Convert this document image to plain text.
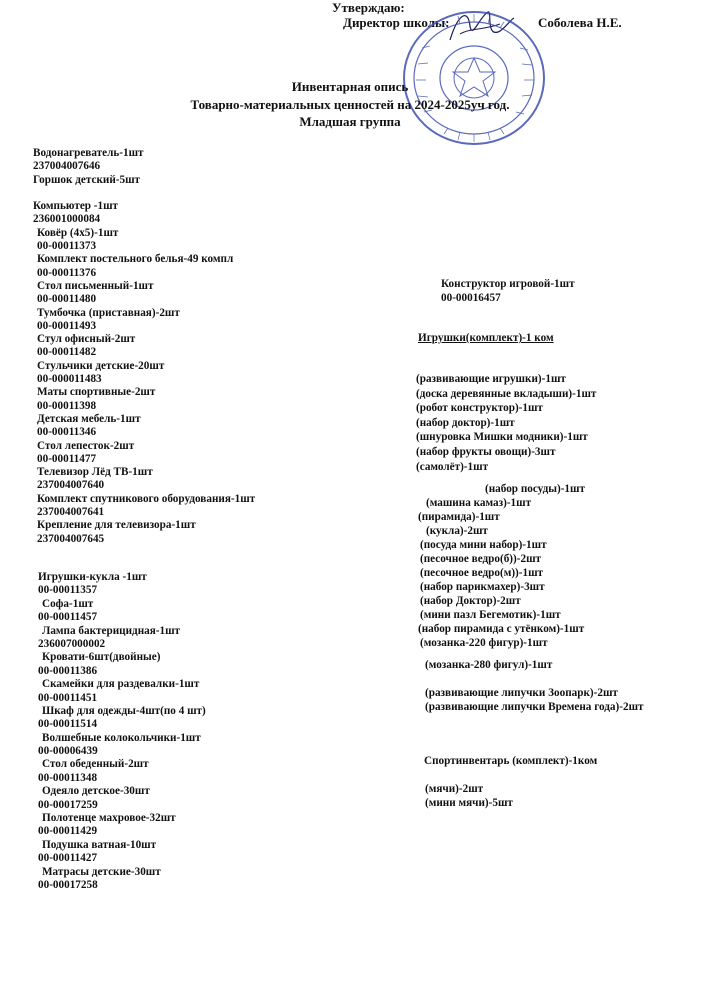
Утверждаю:
Директор школы:	Соболева Н.Е.
Инвентарная опись
Товарно-материальных ценностей на 2024-2025уч год.
Младшая группа
Водонагреватель-1шт
237004007646
Горшок детский-5шт
Компьютер -1шт
236001000084
Ковёр (4х5)-1шт
00-00011373
Комплект постельного белья-49 компл
00-00011376
Стол письменный-1шт
00-00011480
Тумбочка (приставная)-2шт
00-00011493
Стул офисный-2шт
00-00011482
Стульчики детские-20шт
00-000011483
Маты спортивные-2шт
00-00011398
Детская мебель-1шт
00-00011346
Стол лепесток-2шт
00-00011477
Телевизор Лёд ТВ-1шт
237004007640
Комплект спутникового оборудования-1шт
237004007641
Крепление для телевизора-1шт
237004007645
Игрушки-кукла -1шт
00-00011357
Софа-1шт
00-00011457
Лампа бактерицидная-1шт
236007000002
Кровати-6шт(двойные)
00-00011386
Скамейки для раздевалки-1шт
00-00011451
Шкаф для одежды-4шт(по 4 шт)
00-00011514
Волшебные колокольчики-1шт
00-00006439
Стол обеденный-2шт
00-00011348
Одеяло детское-30шт
00-00017259
Полотенце махровое-32шт
00-00011429
Подушка ватная-10шт
00-00011427
Матрасы детские-30шт
00-00017258
Конструктор игровой-1шт
00-00016457
Игрушки(комплект)-1 ком
(развивающие игрушки)-1шт
(доска деревянные вкладыши)-1шт
(робот конструктор)-1шт
(набор доктор)-1шт
(шнуровка Мишки модники)-1шт
(набор фрукты овощи)-3шт
(самолёт)-1шт
(набор посуды)-1шт
(машина камаз)-1шт
(пирамида)-1шт
(кукла)-2шт
(посуда мини набор)-1шт
(песочное ведро(б))-2шт
(песочное ведро(м))-1шт
(набор парикмахер)-3шт
(набор Доктор)-2шт
(мини пазл Бегемотик)-1шт
(набор пирамида с утёнком)-1шт
(мозанка-220 фигур)-1шт
(мозанка-280 фигул)-1шт
(развивающие липучки Зоопарк)-2шт
(развивающие липучки Времена года)-2шт
Спортинвентарь (комплект)-1ком
(мячи)-2шт
(мини мячи)-5шт
